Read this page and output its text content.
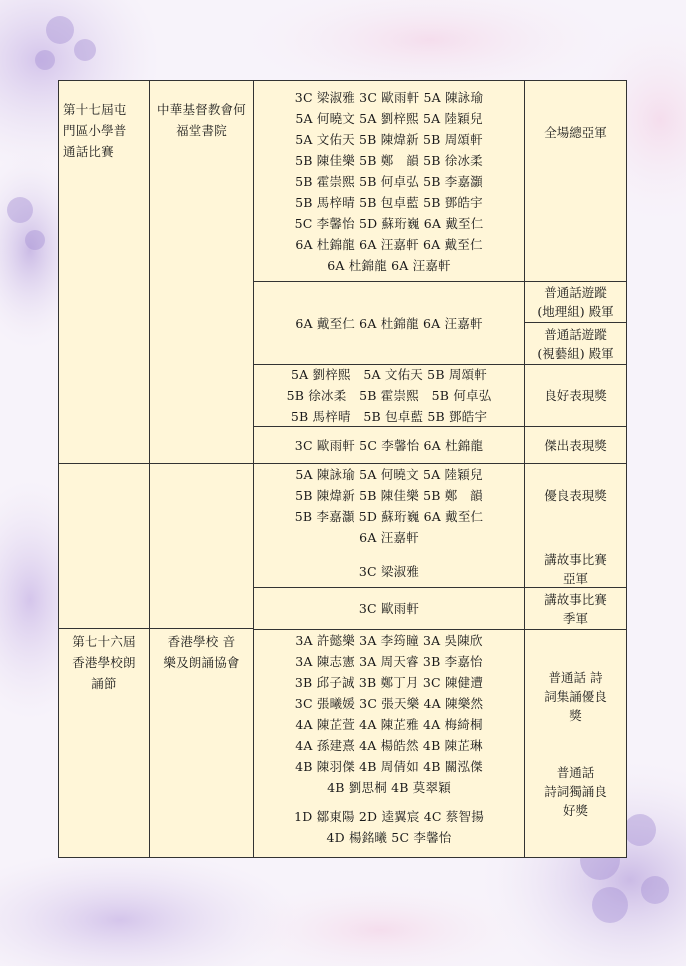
第十七屆屯
門區小學普
通話比賽
中華基督教會何
福堂書院
3C 梁淑雅 3C 歐雨軒 5A 陳詠瑜
5A 何曉文 5A 劉梓熙 5A 陸穎兒
5A 文佑天 5B 陳煒新 5B 周頌軒
5B 陳佳樂 5B 鄭　韻 5B 徐冰柔
5B 霍崇熙 5B 何卓弘 5B 李嘉灝
5B 馬梓晴 5B 包卓藍 5B 鄧皓宇
5C 李馨怡 5D 蘇珩巍 6A 戴至仁
6A 杜錦龍 6A 汪嘉軒 6A 戴至仁
6A 杜錦龍 6A 汪嘉軒
全場總亞軍
6A 戴至仁 6A 杜錦龍 6A 汪嘉軒
普通話遊蹤
(地理組) 殿軍
普通話遊蹤
(視藝組) 殿軍
5A 劉梓熙　5A 文佑天 5B 周頌軒
5B 徐冰柔　5B 霍崇熙　5B 何卓弘
5B 馬梓晴　5B 包卓藍 5B 鄧皓宇
良好表現獎
3C 歐雨軒 5C 李馨怡 6A 杜錦龍	傑出表現獎
第七十六屆
香港學校朗
誦節
香港學校 音
樂及朗誦協會
5A 陳詠瑜 5A 何曉文 5A 陸穎兒
5B 陳煒新 5B 陳佳樂 5B 鄭　韻
5B 李嘉灝 5D 蘇珩巍 6A 戴至仁
6A 汪嘉軒
優良表現獎
3C 梁淑雅
講故事比賽
亞軍
3C 歐雨軒
講故事比賽
季軍
3A 許懿樂 3A 李筠瞳 3A 吳陳欣
3A 陳志憲 3A 周天睿 3B 李嘉怡
3B 邱子誠 3B 鄭丁月 3C 陳健遭
3C 張曦媛 3C 張天樂 4A 陳樂然
4A 陳芷萱 4A 陳芷雅 4A 梅綺桐
4A 孫建熹 4A 楊皓然 4B 陳芷琳
4B 陳羽傑 4B 周倩如 4B 關泓傑
4B 劉思桐 4B 莫翠穎
1D 鄒東陽 2D 逵翼宸 4C 蔡智揚
4D 楊銘曦 5C 李馨怡
普通話 詩
詞集誦優良
獎
普通話
詩詞獨誦良
好獎
